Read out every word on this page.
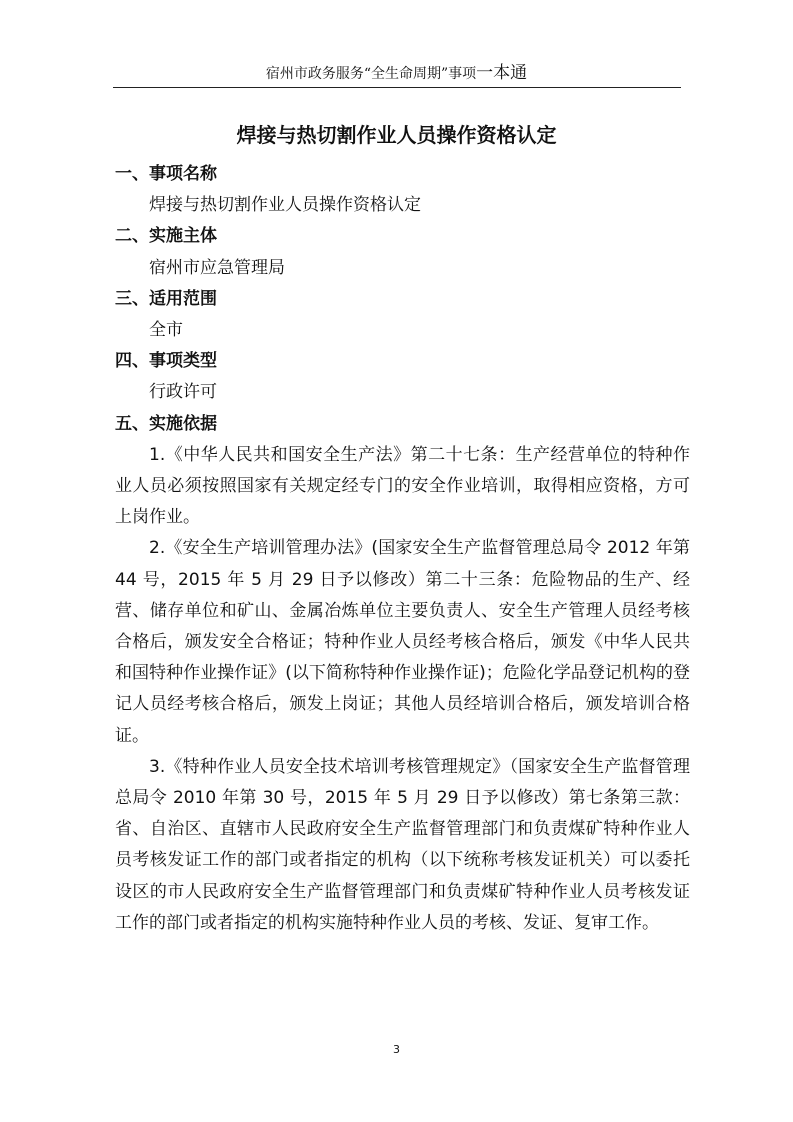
宿州市政务服务“全生命周期”事项一本通
焊接与热切割作业人员操作资格认定

一、事项名称

焊接与热切割作业人员操作资格认定

二、实施主体

宿州市应急管理局

三、适用范围

全市

四、事项类型

行政许可

五、实施依据

1.《中华人民共和国安全生产法》第二十七条：生产经营单位的特种作业人员必须按照国家有关规定经专门的安全作业培训，取得相应资格，方可上岗作业。

2.《安全生产培训管理办法》(国家安全生产监督管理总局令 2012 年第 44 号，2015 年 5 月 29 日予以修改）第二十三条：危险物品的生产、经营、储存单位和矿山、金属冶炼单位主要负责人、安全生产管理人员经考核合格后，颁发安全合格证；特种作业人员经考核合格后，颁发《中华人民共和国特种作业操作证》(以下简称特种作业操作证)；危险化学品登记机构的登记人员经考核合格后，颁发上岗证；其他人员经培训合格后，颁发培训合格证。

3.《特种作业人员安全技术培训考核管理规定》（国家安全生产监督管理总局令 2010 年第 30 号，2015 年 5 月 29 日予以修改）第七条第三款：省、自治区、直辖市人民政府安全生产监督管理部门和负责煤矿特种作业人员考核发证工作的部门或者指定的机构（以下统称考核发证机关）可以委托设区的市人民政府安全生产监督管理部门和负责煤矿特种作业人员考核发证工作的部门或者指定的机构实施特种作业人员的考核、发证、复审工作。

3
